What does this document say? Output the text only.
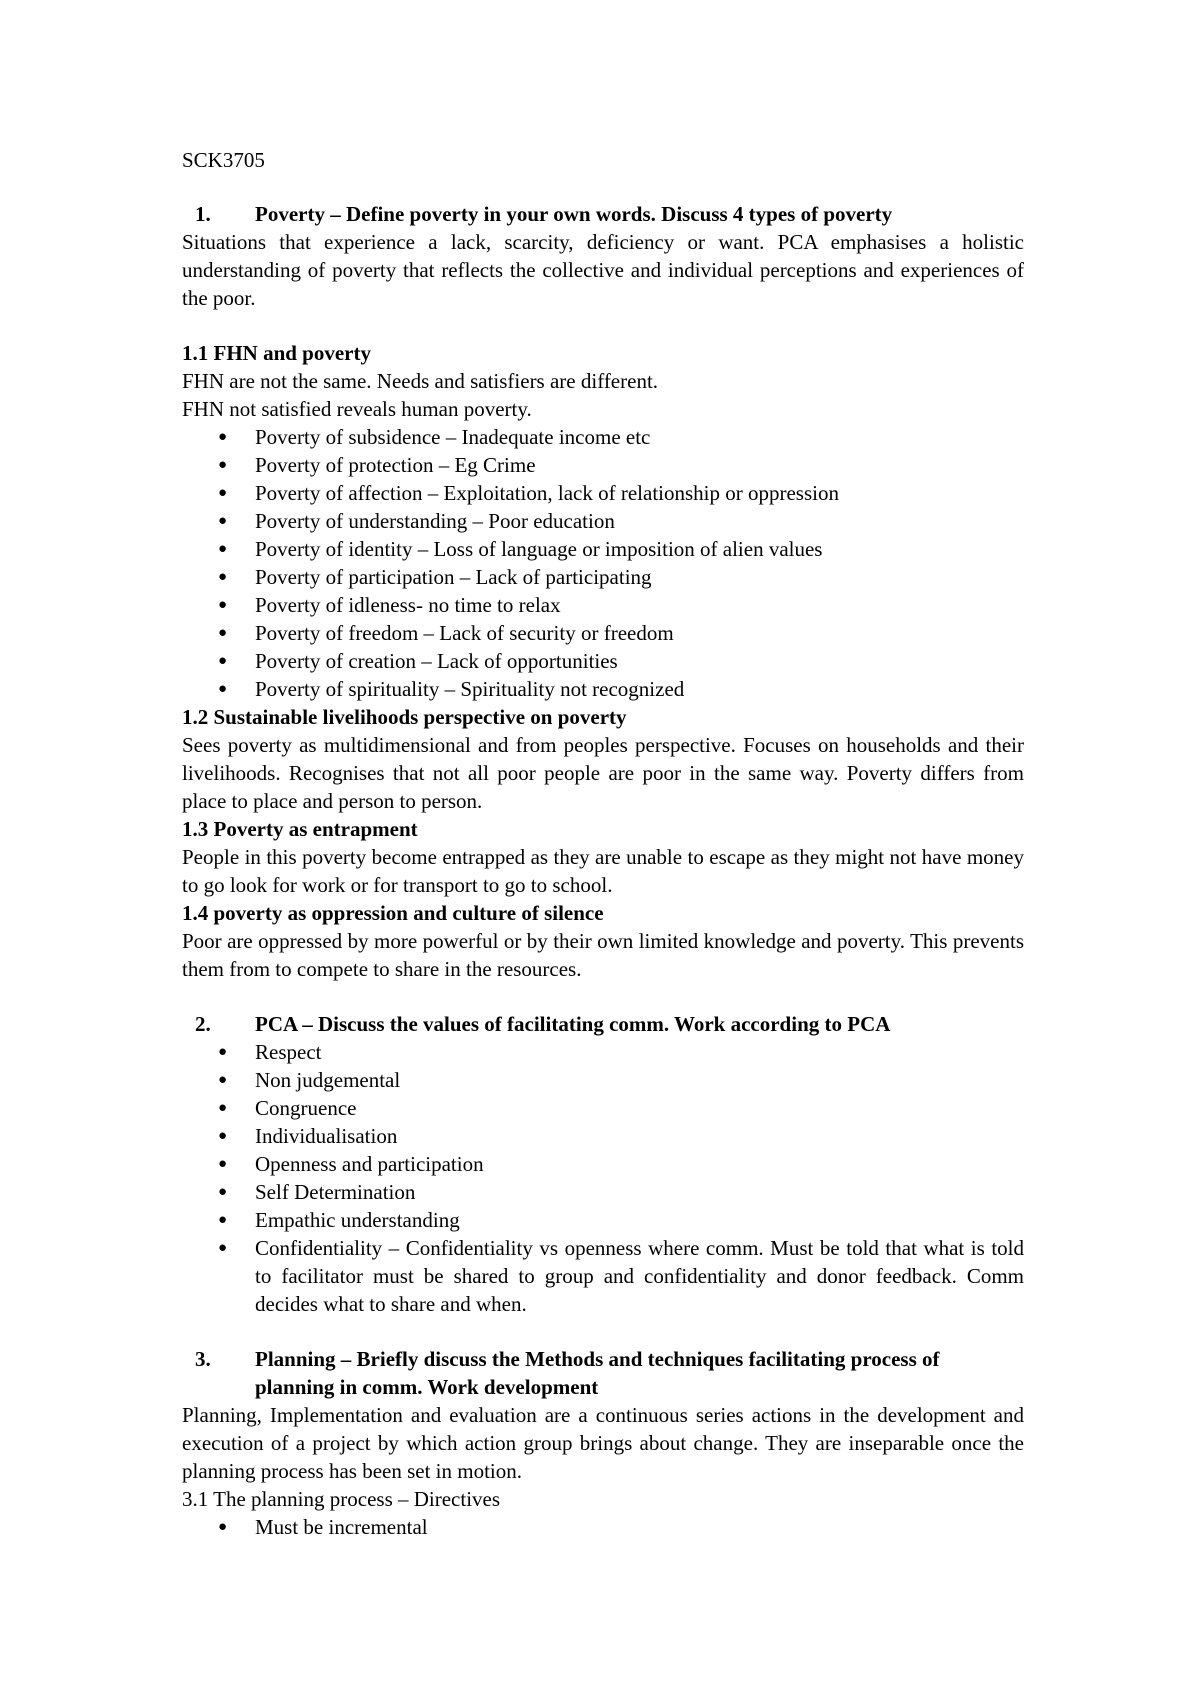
SCK3705

1. Poverty – Define poverty in your own words. Discuss 4 types of poverty

Situations that experience a lack, scarcity, deficiency or want. PCA emphasises a holistic understanding of poverty that reflects the collective and individual perceptions and experiences of the poor.

1.1 FHN and poverty

FHN are not the same. Needs and satisfiers are different.

FHN not satisfied reveals human poverty.

● Poverty of subsidence – Inadequate income etc
● Poverty of protection – Eg Crime
● Poverty of affection – Exploitation, lack of relationship or oppression
● Poverty of understanding – Poor education
● Poverty of identity – Loss of language or imposition of alien values
● Poverty of participation – Lack of participating
● Poverty of idleness- no time to relax
● Poverty of freedom – Lack of security or freedom
● Poverty of creation – Lack of opportunities
● Poverty of spirituality – Spirituality not recognized

1.2 Sustainable livelihoods perspective on poverty

Sees poverty as multidimensional and from peoples perspective. Focuses on households and their livelihoods. Recognises that not all poor people are poor in the same way. Poverty differs from place to place and person to person.

1.3 Poverty as entrapment

People in this poverty become entrapped as they are unable to escape as they might not have money to go look for work or for transport to go to school.

1.4 poverty as oppression and culture of silence

Poor are oppressed by more powerful or by their own limited knowledge and poverty. This prevents them from to compete to share in the resources.

2. PCA – Discuss the values of facilitating comm. Work according to PCA

● Respect
● Non judgemental
● Congruence
● Individualisation
● Openness and participation
● Self Determination
● Empathic understanding
● Confidentiality – Confidentiality vs openness where comm. Must be told that what is told to facilitator must be shared to group and confidentiality and donor feedback. Comm decides what to share and when.

3. Planning – Briefly discuss the Methods and techniques facilitating process of planning in comm. Work development

Planning, Implementation and evaluation are a continuous series actions in the development and execution of a project by which action group brings about change. They are inseparable once the planning process has been set in motion.

3.1 The planning process – Directives

● Must be incremental
